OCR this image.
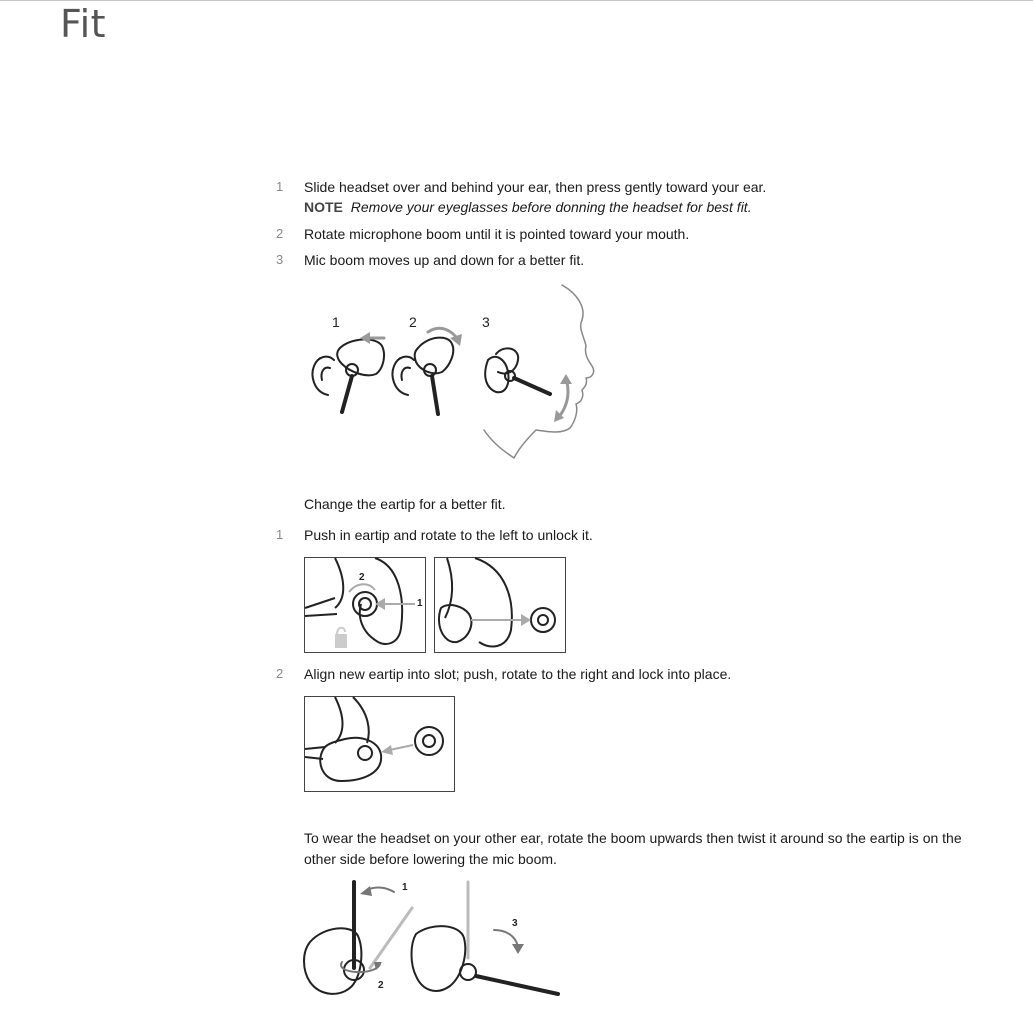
Fit
1	Slide headset over and behind your ear, then press gently toward your ear.
NOTE Remove your eyeglasses before donning the headset for best fit.
2	Rotate microphone boom until it is pointed toward your mouth.
3	Mic boom moves up and down for a better fit.
1	2	3
Change the eartip for a better fit.
1	Push in eartip and rotate to the left to unlock it.
2
1
2	Align new eartip into slot; push, rotate to the right and lock into place.
To wear the headset on your other ear, rotate the boom upwards then twist it around so the eartip is on the other side before lowering the mic boom.
1
2
3
